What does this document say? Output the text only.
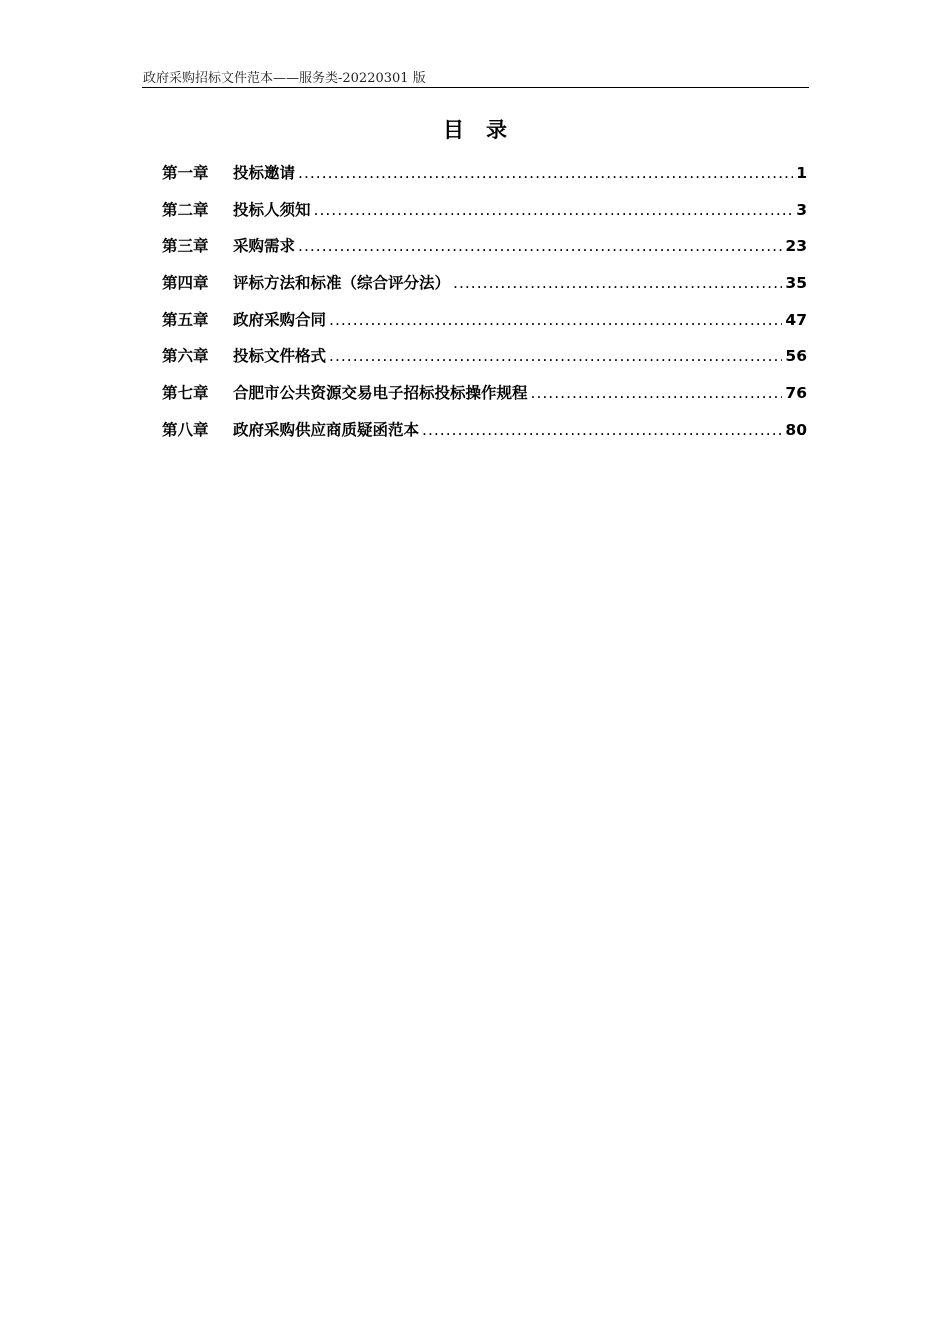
政府采购招标文件范本——服务类-20220301 版
目录
第一章	投标邀请 .....	1
第二章	投标人须知 .....	3
第三章	采购需求 .....	23
第四章	评标方法和标准（综合评分法） .....	35
第五章	政府采购合同 .....	47
第六章	投标文件格式 .....	56
第七章	合肥市公共资源交易电子招标投标操作规程 .....	76
第八章	政府采购供应商质疑函范本 .....	80
